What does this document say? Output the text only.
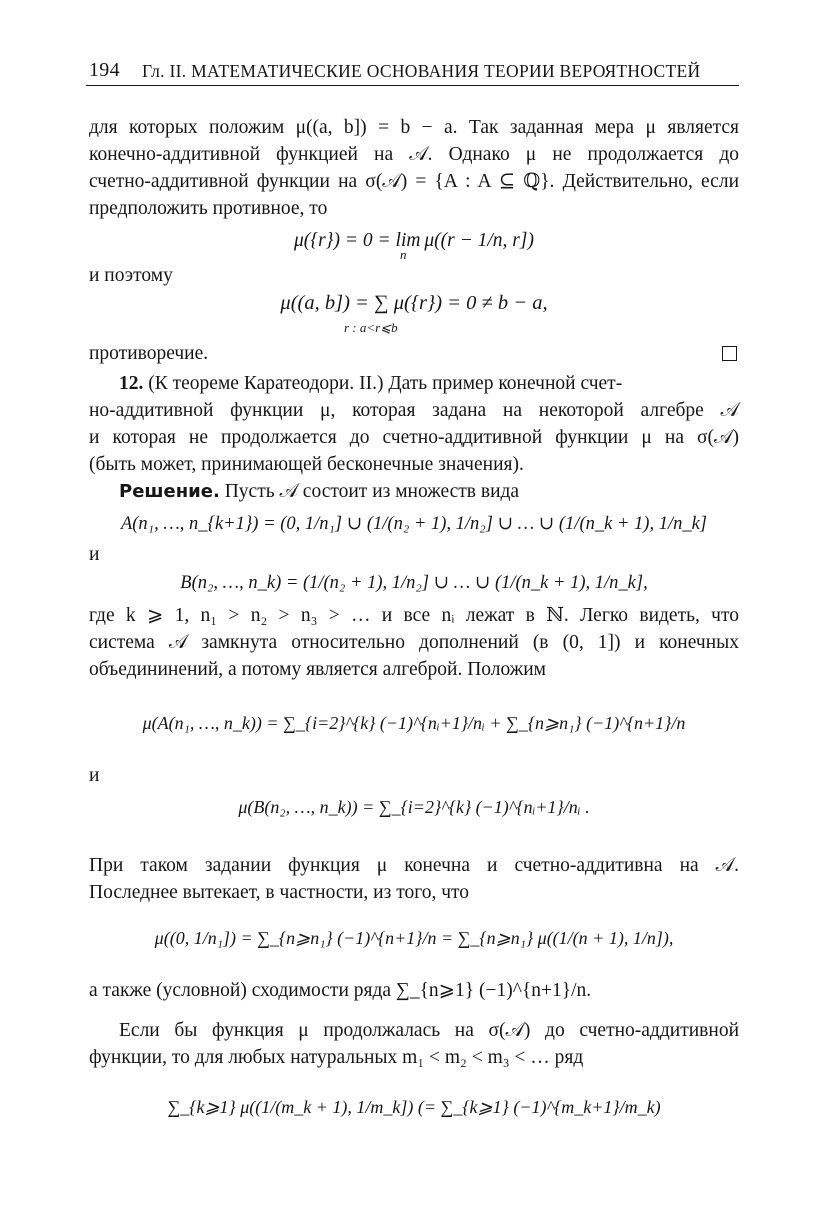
194 Гл. II. МАТЕМАТИЧЕСКИЕ ОСНОВАНИЯ ТЕОРИИ ВЕРОЯТНОСТЕЙ
для которых положим μ((a, b]) = b − a. Так заданная мера μ является
конечно-аддитивной функцией на 𝒜. Однако μ не продолжается до
счетно-аддитивной функции на σ(𝒜) = {A : A ⊆ ℚ}. Действительно, если
предположить противное, то
μ({r}) = 0 = lim μ((r − 1/n, r])
n
и поэтому
μ((a, b]) = ∑ μ({r}) = 0 ≠ b − a,
r : a<r⩽b
противоречие.
12. (К теореме Каратеодори. II.) Дать пример конечной счет-
но-аддитивной функции μ, которая задана на некоторой алгебре 𝒜
и которая не продолжается до счетно-аддитивной функции μ на σ(𝒜)
(быть может, принимающей бесконечные значения).
Решение. Пусть 𝒜 состоит из множеств вида
A(n₁, …, n_{k+1}) = (0, 1/n₁] ∪ (1/(n₂ + 1), 1/n₂] ∪ … ∪ (1/(n_k + 1), 1/n_k]
и
B(n₂, …, n_k) = (1/(n₂ + 1), 1/n₂] ∪ … ∪ (1/(n_k + 1), 1/n_k],
где k ⩾ 1, n₁ > n₂ > n₃ > … и все nᵢ лежат в ℕ. Легко видеть, что
система 𝒜 замкнута относительно дополнений (в (0, 1]) и конечных
объедининений, а потому является алгеброй. Положим
μ(A(n₁, …, n_k)) = ∑_{i=2}^{k} (−1)^{nᵢ+1}/nᵢ + ∑_{n⩾n₁} (−1)^{n+1}/n
и
μ(B(n₂, …, n_k)) = ∑_{i=2}^{k} (−1)^{nᵢ+1}/nᵢ .
При таком задании функция μ конечна и счетно-аддитивна на 𝒜.
Последнее вытекает, в частности, из того, что
μ((0, 1/n₁]) = ∑_{n⩾n₁} (−1)^{n+1}/n = ∑_{n⩾n₁} μ((1/(n + 1), 1/n]),
а также (условной) сходимости ряда ∑_{n⩾1} (−1)^{n+1}/n.
Если бы функция μ продолжалась на σ(𝒜) до счетно-аддитивной
функции, то для любых натуральных m₁ < m₂ < m₃ < … ряд
∑_{k⩾1} μ((1/(m_k + 1), 1/m_k]) (= ∑_{k⩾1} (−1)^{m_k+1}/m_k)
